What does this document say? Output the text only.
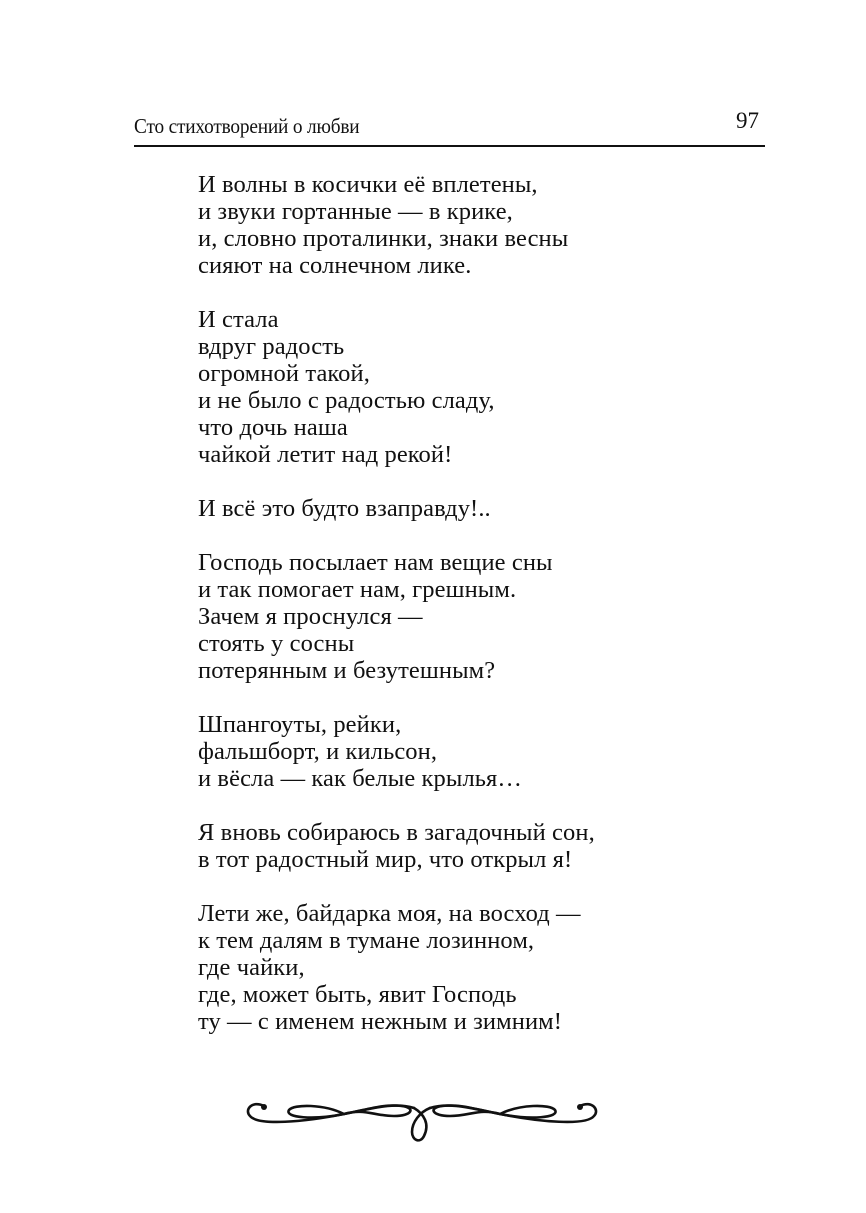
Сто стихотворений о любви	97
И волны в косички её вплетены,
и звуки гортанные — в крике,
и, словно проталинки, знаки весны
сияют на солнечном лике.
И стала
вдруг радость
огромной такой,
и не было с радостью сладу,
что дочь наша
чайкой летит над рекой!
И всё это будто взаправду!..
Господь посылает нам вещие сны
и так помогает нам, грешным.
Зачем я проснулся —
стоять у сосны
потерянным и безутешным?
Шпангоуты, рейки,
фальшборт, и кильсон,
и вёсла — как белые крылья…
Я вновь собираюсь в загадочный сон,
в тот радостный мир, что открыл я!
Лети же, байдарка моя, на восход —
к тем далям в тумане лозинном,
где чайки,
где, может быть, явит Господь
ту — с именем нежным и зимним!
